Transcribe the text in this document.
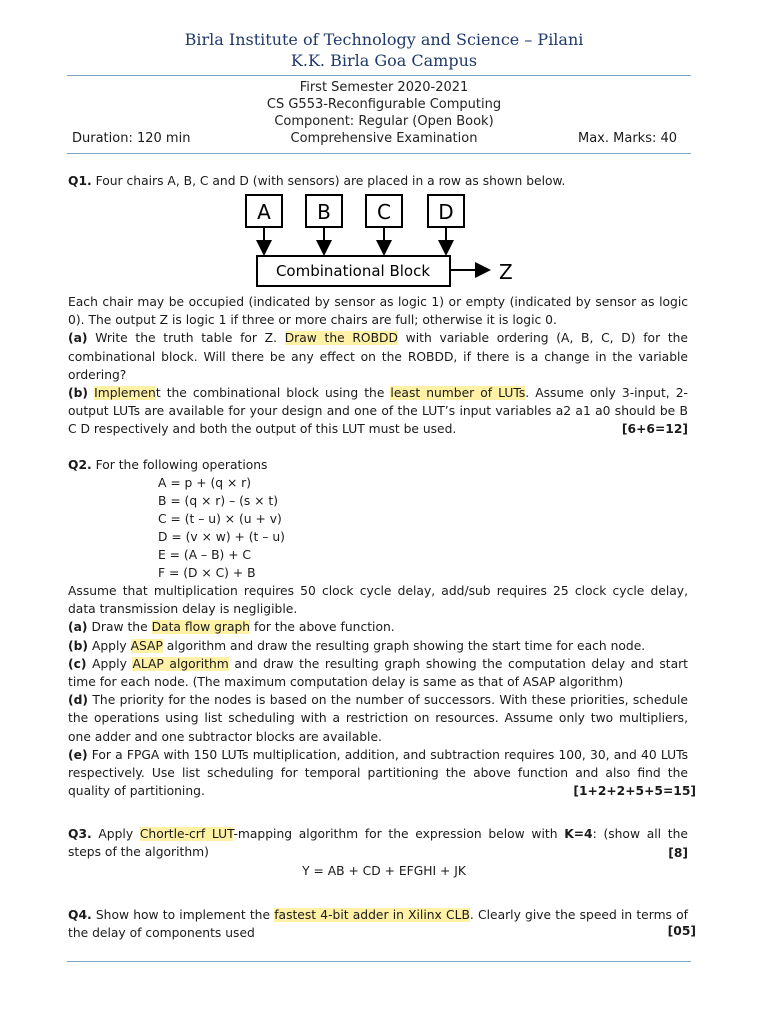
Birla Institute of Technology and Science – Pilani
K.K. Birla Goa Campus
First Semester 2020-2021
CS G553-Reconfigurable Computing
Component: Regular (Open Book)
Comprehensive Examination
Duration: 120 min	Max. Marks: 40
Q1. Four chairs A, B, C and D (with sensors) are placed in a row as shown below.
A B C D
Combinational Block	Z
Each chair may be occupied (indicated by sensor as logic 1) or empty (indicated by sensor as logic 0). The output Z is logic 1 if three or more chairs are full; otherwise it is logic 0.
(a) Write the truth table for Z. Draw the ROBDD with variable ordering (A, B, C, D) for the combinational block. Will there be any effect on the ROBDD, if there is a change in the variable ordering?
(b) Implement the combinational block using the least number of LUTs. Assume only 3-input, 2-output LUTs are available for your design and one of the LUT’s input variables a2 a1 a0 should be B C D respectively and both the output of this LUT must be used.	[6+6=12]
Q2. For the following operations
A = p + (q × r)
B = (q × r) – (s × t)
C = (t – u) × (u + v)
D = (v × w) + (t – u)
E = (A – B) + C
F = (D × C) + B
Assume that multiplication requires 50 clock cycle delay, add/sub requires 25 clock cycle delay, data transmission delay is negligible.
(a) Draw the Data flow graph for the above function.
(b) Apply ASAP algorithm and draw the resulting graph showing the start time for each node.
(c) Apply ALAP algorithm and draw the resulting graph showing the computation delay and start time for each node. (The maximum computation delay is same as that of ASAP algorithm)
(d) The priority for the nodes is based on the number of successors. With these priorities, schedule the operations using list scheduling with a restriction on resources. Assume only two multipliers, one adder and one subtractor blocks are available.
(e) For a FPGA with 150 LUTs multiplication, addition, and subtraction requires 100, 30, and 40 LUTs respectively. Use list scheduling for temporal partitioning the above function and also find the quality of partitioning.	[1+2+2+5+5=15]
Q3. Apply Chortle-crf LUT-mapping algorithm for the expression below with K=4: (show all the steps of the algorithm)	[8]
Y = AB + CD + EFGHI + JK
Q4. Show how to implement the fastest 4-bit adder in Xilinx CLB. Clearly give the speed in terms of the delay of components used	[05]
